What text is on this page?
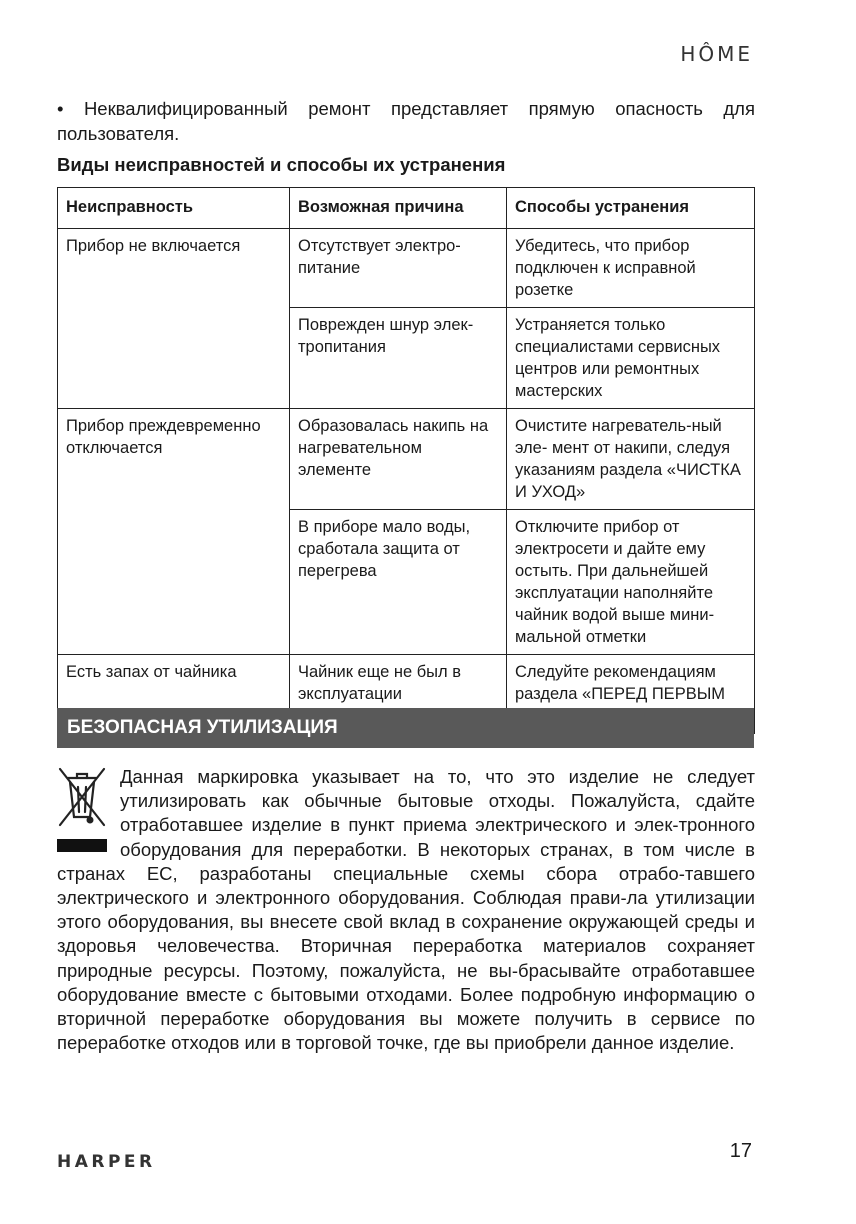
HÔME
• Неквалифицированный ремонт представляет прямую опасность для пользователя.
Виды неисправностей и способы их устранения
Неисправность	Возможная причина	Способы устранения
Прибор не включается	Отсутствует электро-питание	Убедитесь, что прибор подключен к исправной розетке
	Поврежден шнур элек-тропитания	Устраняется только специалистами сервисных центров или ремонтных мастерских
Прибор преждевременно отключается	Образовалась накипь на нагревательном элементе	Очистите нагреватель-ный эле- мент от накипи, следуя указаниям раздела «ЧИСТКА И УХОД»
	В приборе мало воды, сработала защита от перегрева	Отключите прибор от электросети и дайте ему остыть. При дальнейшей эксплуатации наполняйте чайник водой выше мини-мальной отметки
Есть запах от чайника	Чайник еще не был в эксплуатации	Следуйте рекомендациям раздела «ПЕРЕД ПЕРВЫМ
БЕЗОПАСНАЯ УТИЛИЗАЦИЯ

Данная маркировка указывает на то, что это изделие не следует утилизировать как обычные бытовые отходы. Пожалуйста, сдайте отработавшее изделие в пункт приема электрического и элек-тронного оборудования для переработки. В некоторых странах, в том числе в странах ЕС, разработаны специальные схемы сбора отрабо-тавшего электрического и электронного оборудования. Соблюдая прави-ла утилизации этого оборудования, вы внесете свой вклад в сохранение окружающей среды и здоровья человечества. Вторичная переработка материалов сохраняет природные ресурсы. Поэтому, пожалуйста, не вы-брасывайте отработавшее оборудование вместе с бытовыми отходами. Более подробную информацию о вторичной переработке оборудования вы можете получить в сервисе по переработке отходов или в торговой точке, где вы приобрели данное изделие.

17
HARPER
